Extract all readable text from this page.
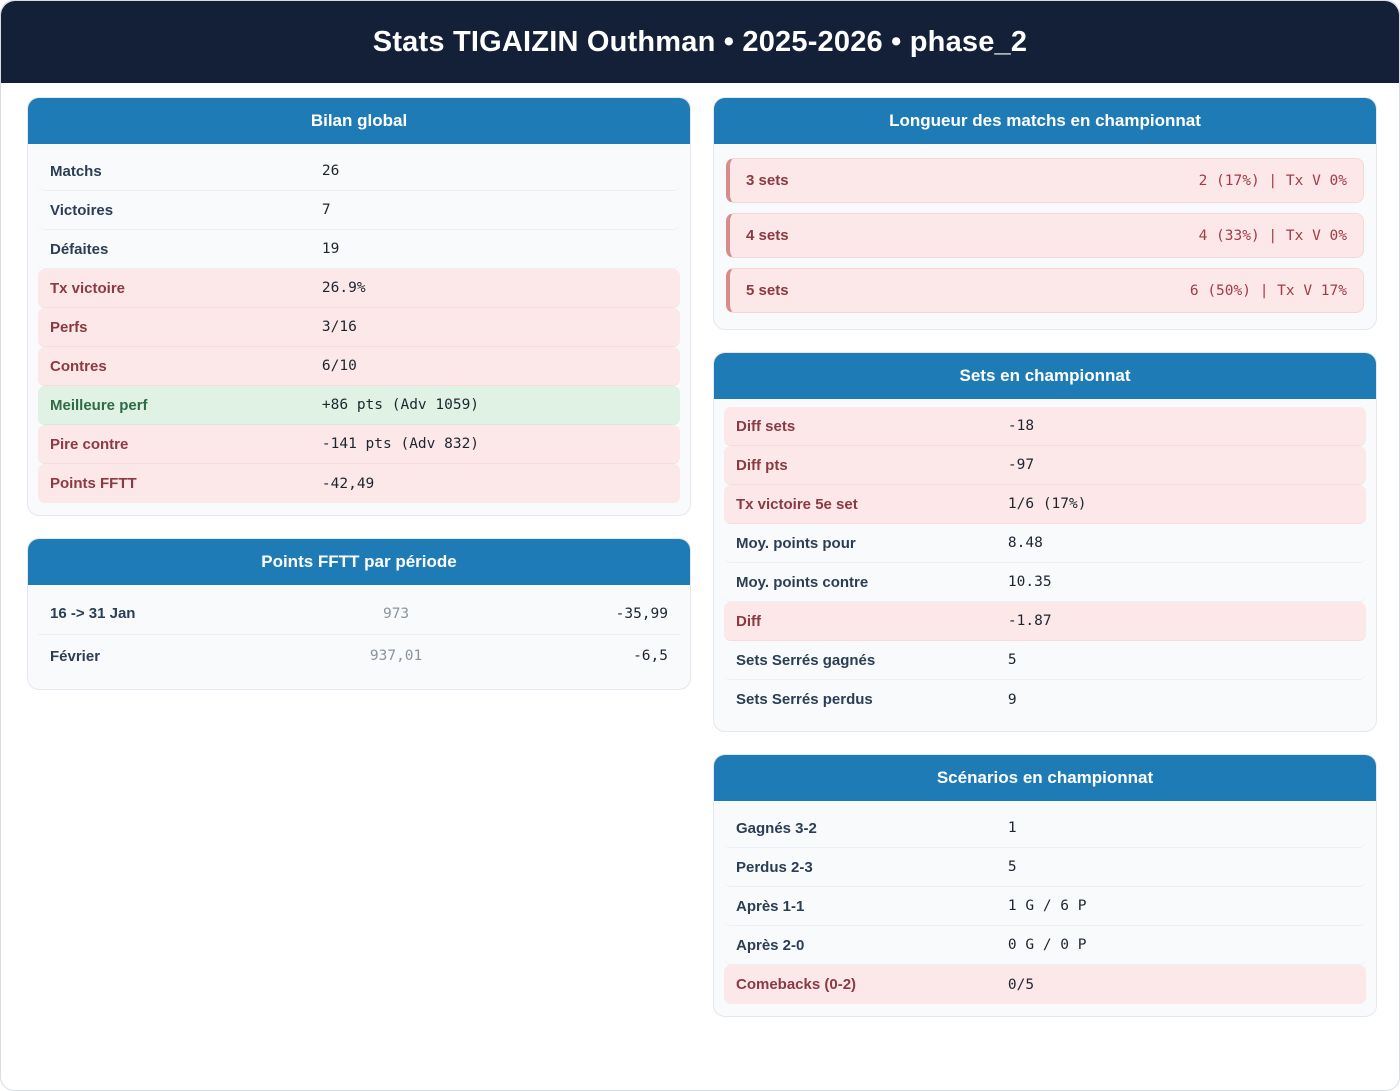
Stats TIGAIZIN Outhman • 2025-2026 • phase_2
Bilan global
Matchs	26
Victoires	7
Défaites	19
Tx victoire	26.9%
Perfs	3/16
Contres	6/10
Meilleure perf	+86 pts (Adv 1059)
Pire contre	-141 pts (Adv 832)
Points FFTT	-42,49
Points FFTT par période
16 -> 31 Jan	973	-35,99
Février	937,01	-6,5
Longueur des matchs en championnat
3 sets	2 (17%) | Tx V 0%
4 sets	4 (33%) | Tx V 0%
5 sets	6 (50%) | Tx V 17%
Sets en championnat
Diff sets	-18
Diff pts	-97
Tx victoire 5e set	1/6 (17%)
Moy. points pour	8.48
Moy. points contre	10.35
Diff	-1.87
Sets Serrés gagnés	5
Sets Serrés perdus	9
Scénarios en championnat
Gagnés 3-2	1
Perdus 2-3	5
Après 1-1	1 G / 6 P
Après 2-0	0 G / 0 P
Comebacks (0-2)	0/5
